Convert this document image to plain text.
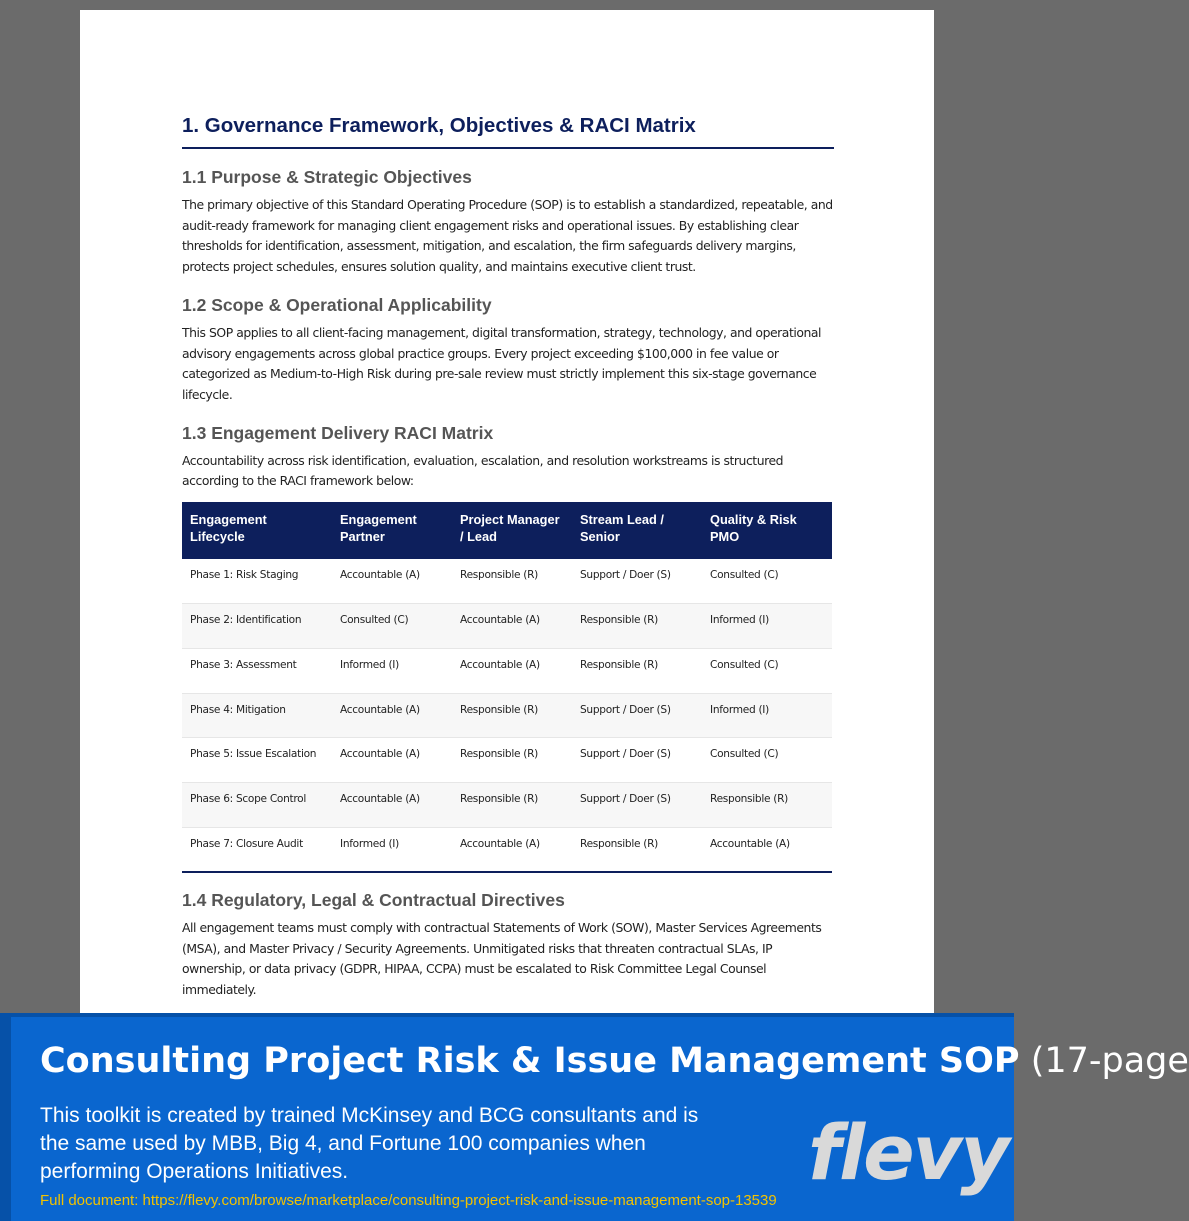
1. Governance Framework, Objectives & RACI Matrix
1.1 Purpose & Strategic Objectives

The primary objective of this Standard Operating Procedure (SOP) is to establish a standardized, repeatable, and audit-ready framework for managing client engagement risks and operational issues. By establishing clear thresholds for identification, assessment, mitigation, and escalation, the firm safeguards delivery margins, protects project schedules, ensures solution quality, and maintains executive client trust.

1.2 Scope & Operational Applicability

This SOP applies to all client-facing management, digital transformation, strategy, technology, and operational advisory engagements across global practice groups. Every project exceeding $100,000 in fee value or categorized as Medium-to-High Risk during pre-sale review must strictly implement this six-stage governance lifecycle.

1.3 Engagement Delivery RACI Matrix

Accountability across risk identification, evaluation, escalation, and resolution workstreams is structured according to the RACI framework below:

Engagement Lifecycle	Engagement Partner	Project Manager / Lead	Stream Lead / Senior	Quality & Risk PMO
Phase 1: Risk Staging	Accountable (A)	Responsible (R)	Support / Doer (S)	Consulted (C)
Phase 2: Identification	Consulted (C)	Accountable (A)	Responsible (R)	Informed (I)
Phase 3: Assessment	Informed (I)	Accountable (A)	Responsible (R)	Consulted (C)
Phase 4: Mitigation	Accountable (A)	Responsible (R)	Support / Doer (S)	Informed (I)
Phase 5: Issue Escalation	Accountable (A)	Responsible (R)	Support / Doer (S)	Consulted (C)
Phase 6: Scope Control	Accountable (A)	Responsible (R)	Support / Doer (S)	Responsible (R)
Phase 7: Closure Audit	Informed (I)	Accountable (A)	Responsible (R)	Accountable (A)
1.4 Regulatory, Legal & Contractual Directives

All engagement teams must comply with contractual Statements of Work (SOW), Master Services Agreements (MSA), and Master Privacy / Security Agreements. Unmitigated risks that threaten contractual SLAs, IP ownership, or data privacy (GDPR, HIPAA, CCPA) must be escalated to Risk Committee Legal Counsel immediately.

Consulting Project Risk & Issue Management SOP (17-page
This toolkit is created by trained McKinsey and BCG consultants and is the same used by MBB, Big 4, and Fortune 100 companies when performing Operations Initiatives.
Full document: https://flevy.com/browse/marketplace/consulting-project-risk-and-issue-management-sop-13539
flevy
